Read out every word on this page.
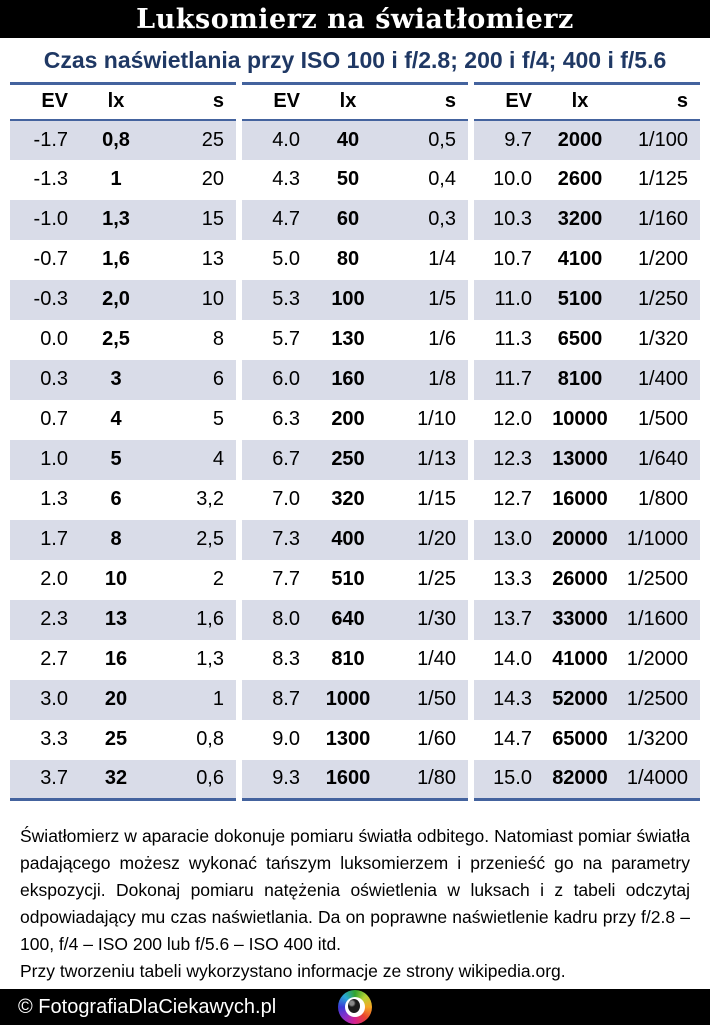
Luksomierz na światłomierz
Czas naświetlania przy ISO 100 i f/2.8; 200 i f/4; 400 i f/5.6
EV	lx	s
-1.7	0,8	25
-1.3	1	20
-1.0	1,3	15
-0.7	1,6	13
-0.3	2,0	10
0.0	2,5	8
0.3	3	6
0.7	4	5
1.0	5	4
1.3	6	3,2
1.7	8	2,5
2.0	10	2
2.3	13	1,6
2.7	16	1,3
3.0	20	1
3.3	25	0,8
3.7	32	0,6
EV	lx	s
4.0	40	0,5
4.3	50	0,4
4.7	60	0,3
5.0	80	1/4
5.3	100	1/5
5.7	130	1/6
6.0	160	1/8
6.3	200	1/10
6.7	250	1/13
7.0	320	1/15
7.3	400	1/20
7.7	510	1/25
8.0	640	1/30
8.3	810	1/40
8.7	1000	1/50
9.0	1300	1/60
9.3	1600	1/80
EV	lx	s
9.7	2000	1/100
10.0	2600	1/125
10.3	3200	1/160
10.7	4100	1/200
11.0	5100	1/250
11.3	6500	1/320
11.7	8100	1/400
12.0	10000	1/500
12.3	13000	1/640
12.7	16000	1/800
13.0	20000	1/1000
13.3	26000	1/2500
13.7	33000	1/1600
14.0	41000	1/2000
14.3	52000	1/2500
14.7	65000	1/3200
15.0	82000	1/4000

Światłomierz w aparacie dokonuje pomiaru światła odbitego. Natomiast pomiar światła padającego możesz wykonać tańszym luksomierzem i przenieść go na parametry ekspozycji. Dokonaj pomiaru natężenia oświetlenia w luksach i z tabeli odczytaj odpowiadający mu czas naświetlania. Da on poprawne naświetlenie kadru przy f/2.8 – 100, f/4 – ISO 200 lub f/5.6 – ISO 400 itd.

Przy tworzeniu tabeli wykorzystano informacje ze strony wikipedia.org.

© FotografiaDlaCiekawych.pl
